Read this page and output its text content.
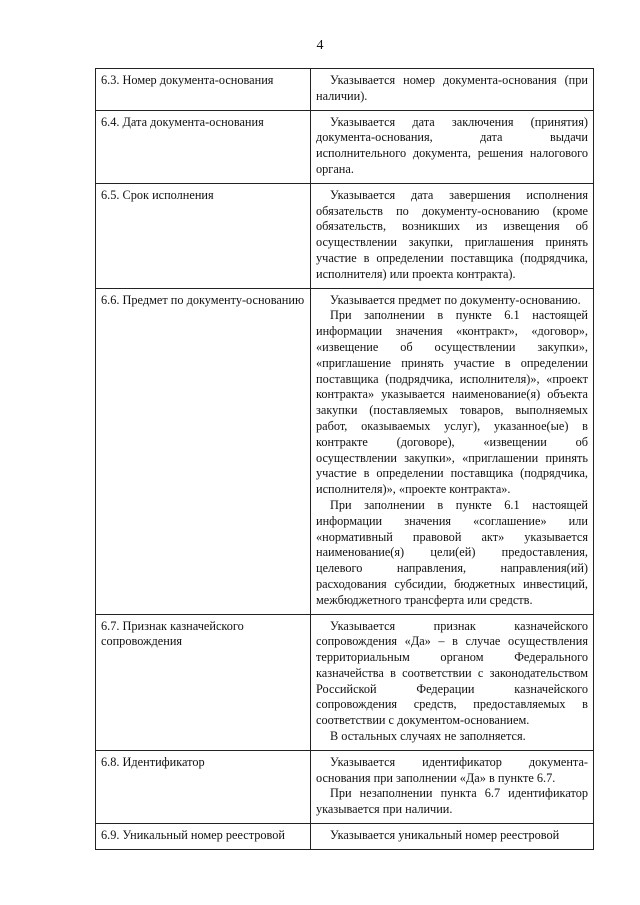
4
6.3. Номер документа-основания	Указывается номер документа-основания (при наличии).

6.4. Дата документа-основания	Указывается дата заключения (принятия) документа-основания, дата выдачи исполнительного документа, решения налогового органа.

6.5. Срок исполнения	Указывается дата завершения исполнения обязательств по документу-основанию (кроме обязательств, возникших из извещения об осуществлении закупки, приглашения принять участие в определении поставщика (подрядчика, исполнителя) или проекта контракта).

6.6. Предмет по документу-основанию	Указывается предмет по документу-основанию.

При заполнении в пункте 6.1 настоящей информации значения «контракт», «договор», «извещение об осуществлении закупки», «приглашение принять участие в определении поставщика (подрядчика, исполнителя)», «проект контракта» указывается наименование(я) объекта закупки (поставляемых товаров, выполняемых работ, оказываемых услуг), указанное(ые) в контракте (договоре), «извещении об осуществлении закупки», «приглашении принять участие в определении поставщика (подрядчика, исполнителя)», «проекте контракта».

При заполнении в пункте 6.1 настоящей информации значения «соглашение» или «нормативный правовой акт» указывается наименование(я) цели(ей) предоставления, целевого направления, направления(ий) расходования субсидии, бюджетных инвестиций, межбюджетного трансферта или средств.

6.7. Признак казначейского сопровождения	Указывается признак казначейского сопровождения «Да» – в случае осуществления территориальным органом Федерального казначейства в соответствии с законодательством Российской Федерации казначейского сопровождения средств, предоставляемых в соответствии с документом-основанием.

В остальных случаях не заполняется.

6.8. Идентификатор	Указывается идентификатор документа-основания при заполнении «Да» в пункте 6.7.

При незаполнении пункта 6.7 идентификатор указывается при наличии.

6.9. Уникальный номер реестровой	Указывается уникальный номер реестровой
